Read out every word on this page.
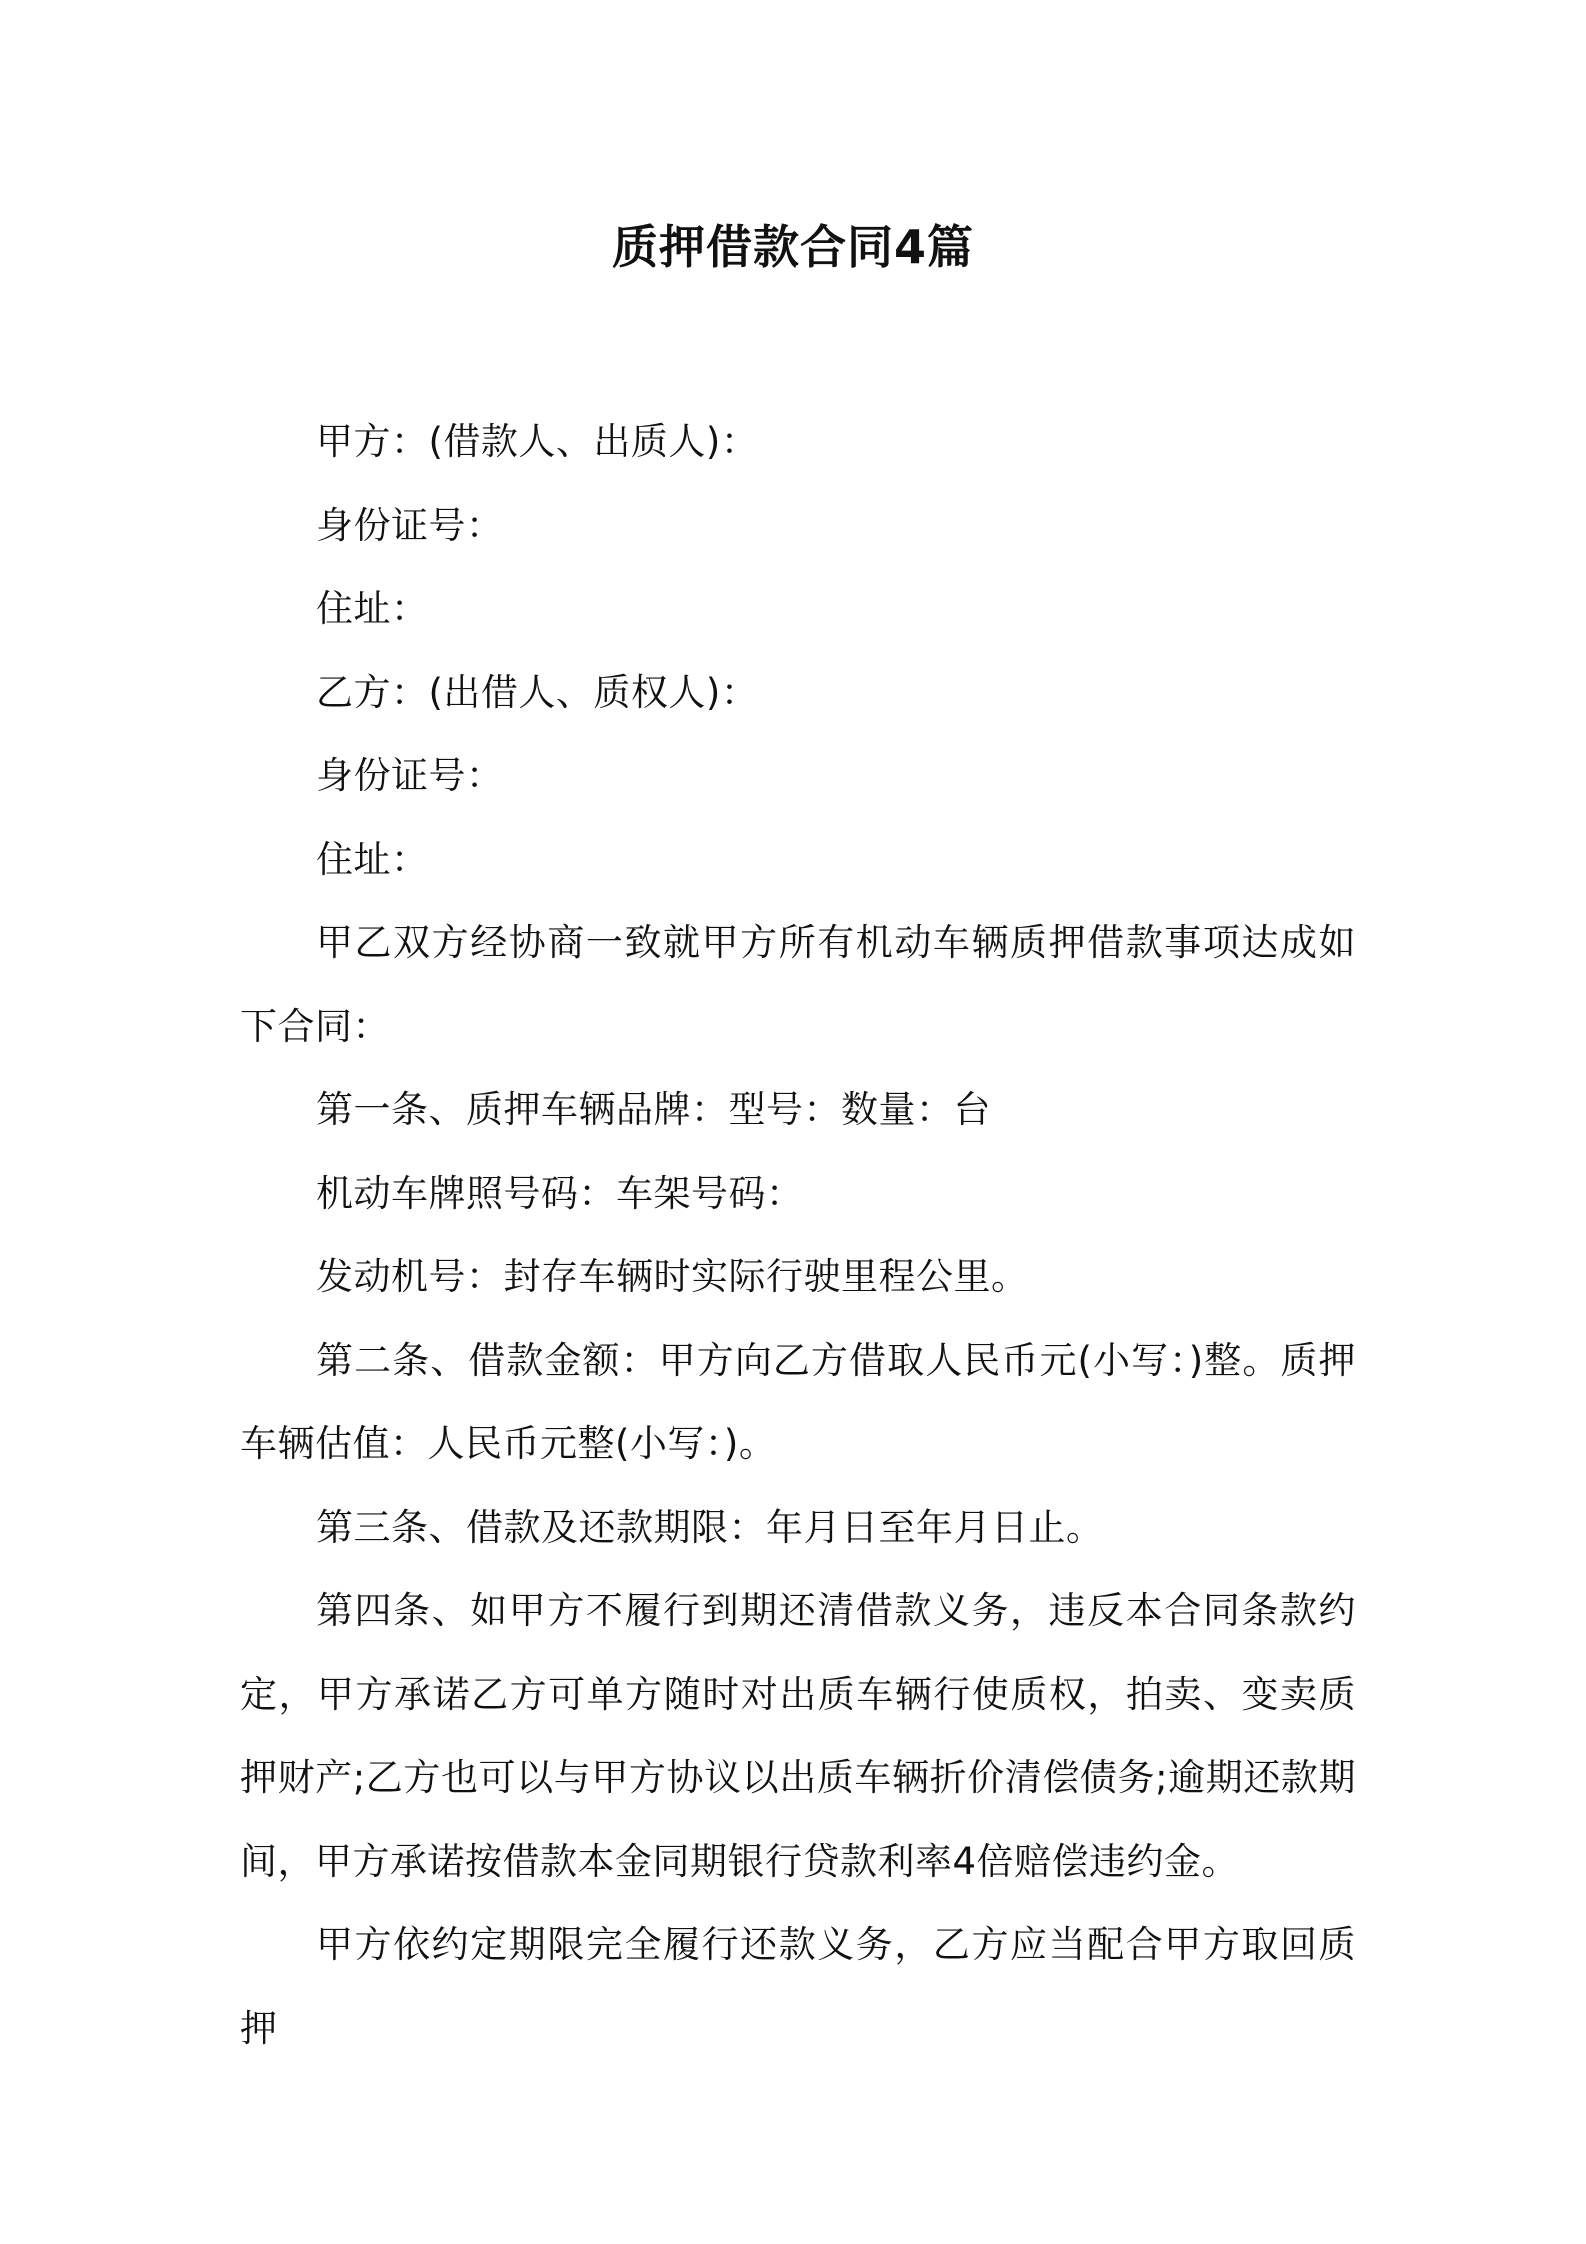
质押借款合同4篇

甲方：(借款人、出质人)：

身份证号：

住址：

乙方：(出借人、质权人)：

身份证号：

住址：

甲乙双方经协商一致就甲方所有机动车辆质押借款事项达成如下合同：

第一条、质押车辆品牌：型号：数量：台

机动车牌照号码：车架号码：

发动机号：封存车辆时实际行驶里程公里。

第二条、借款金额：甲方向乙方借取人民币元(小写：)整。质押车辆估值：人民币元整(小写：)。

第三条、借款及还款期限：年月日至年月日止。

第四条、如甲方不履行到期还清借款义务，违反本合同条款约定，甲方承诺乙方可单方随时对出质车辆行使质权，拍卖、变卖质押财产;乙方也可以与甲方协议以出质车辆折价清偿债务;逾期还款期间，甲方承诺按借款本金同期银行贷款利率4倍赔偿违约金。

甲方依约定期限完全履行还款义务，乙方应当配合甲方取回质押
